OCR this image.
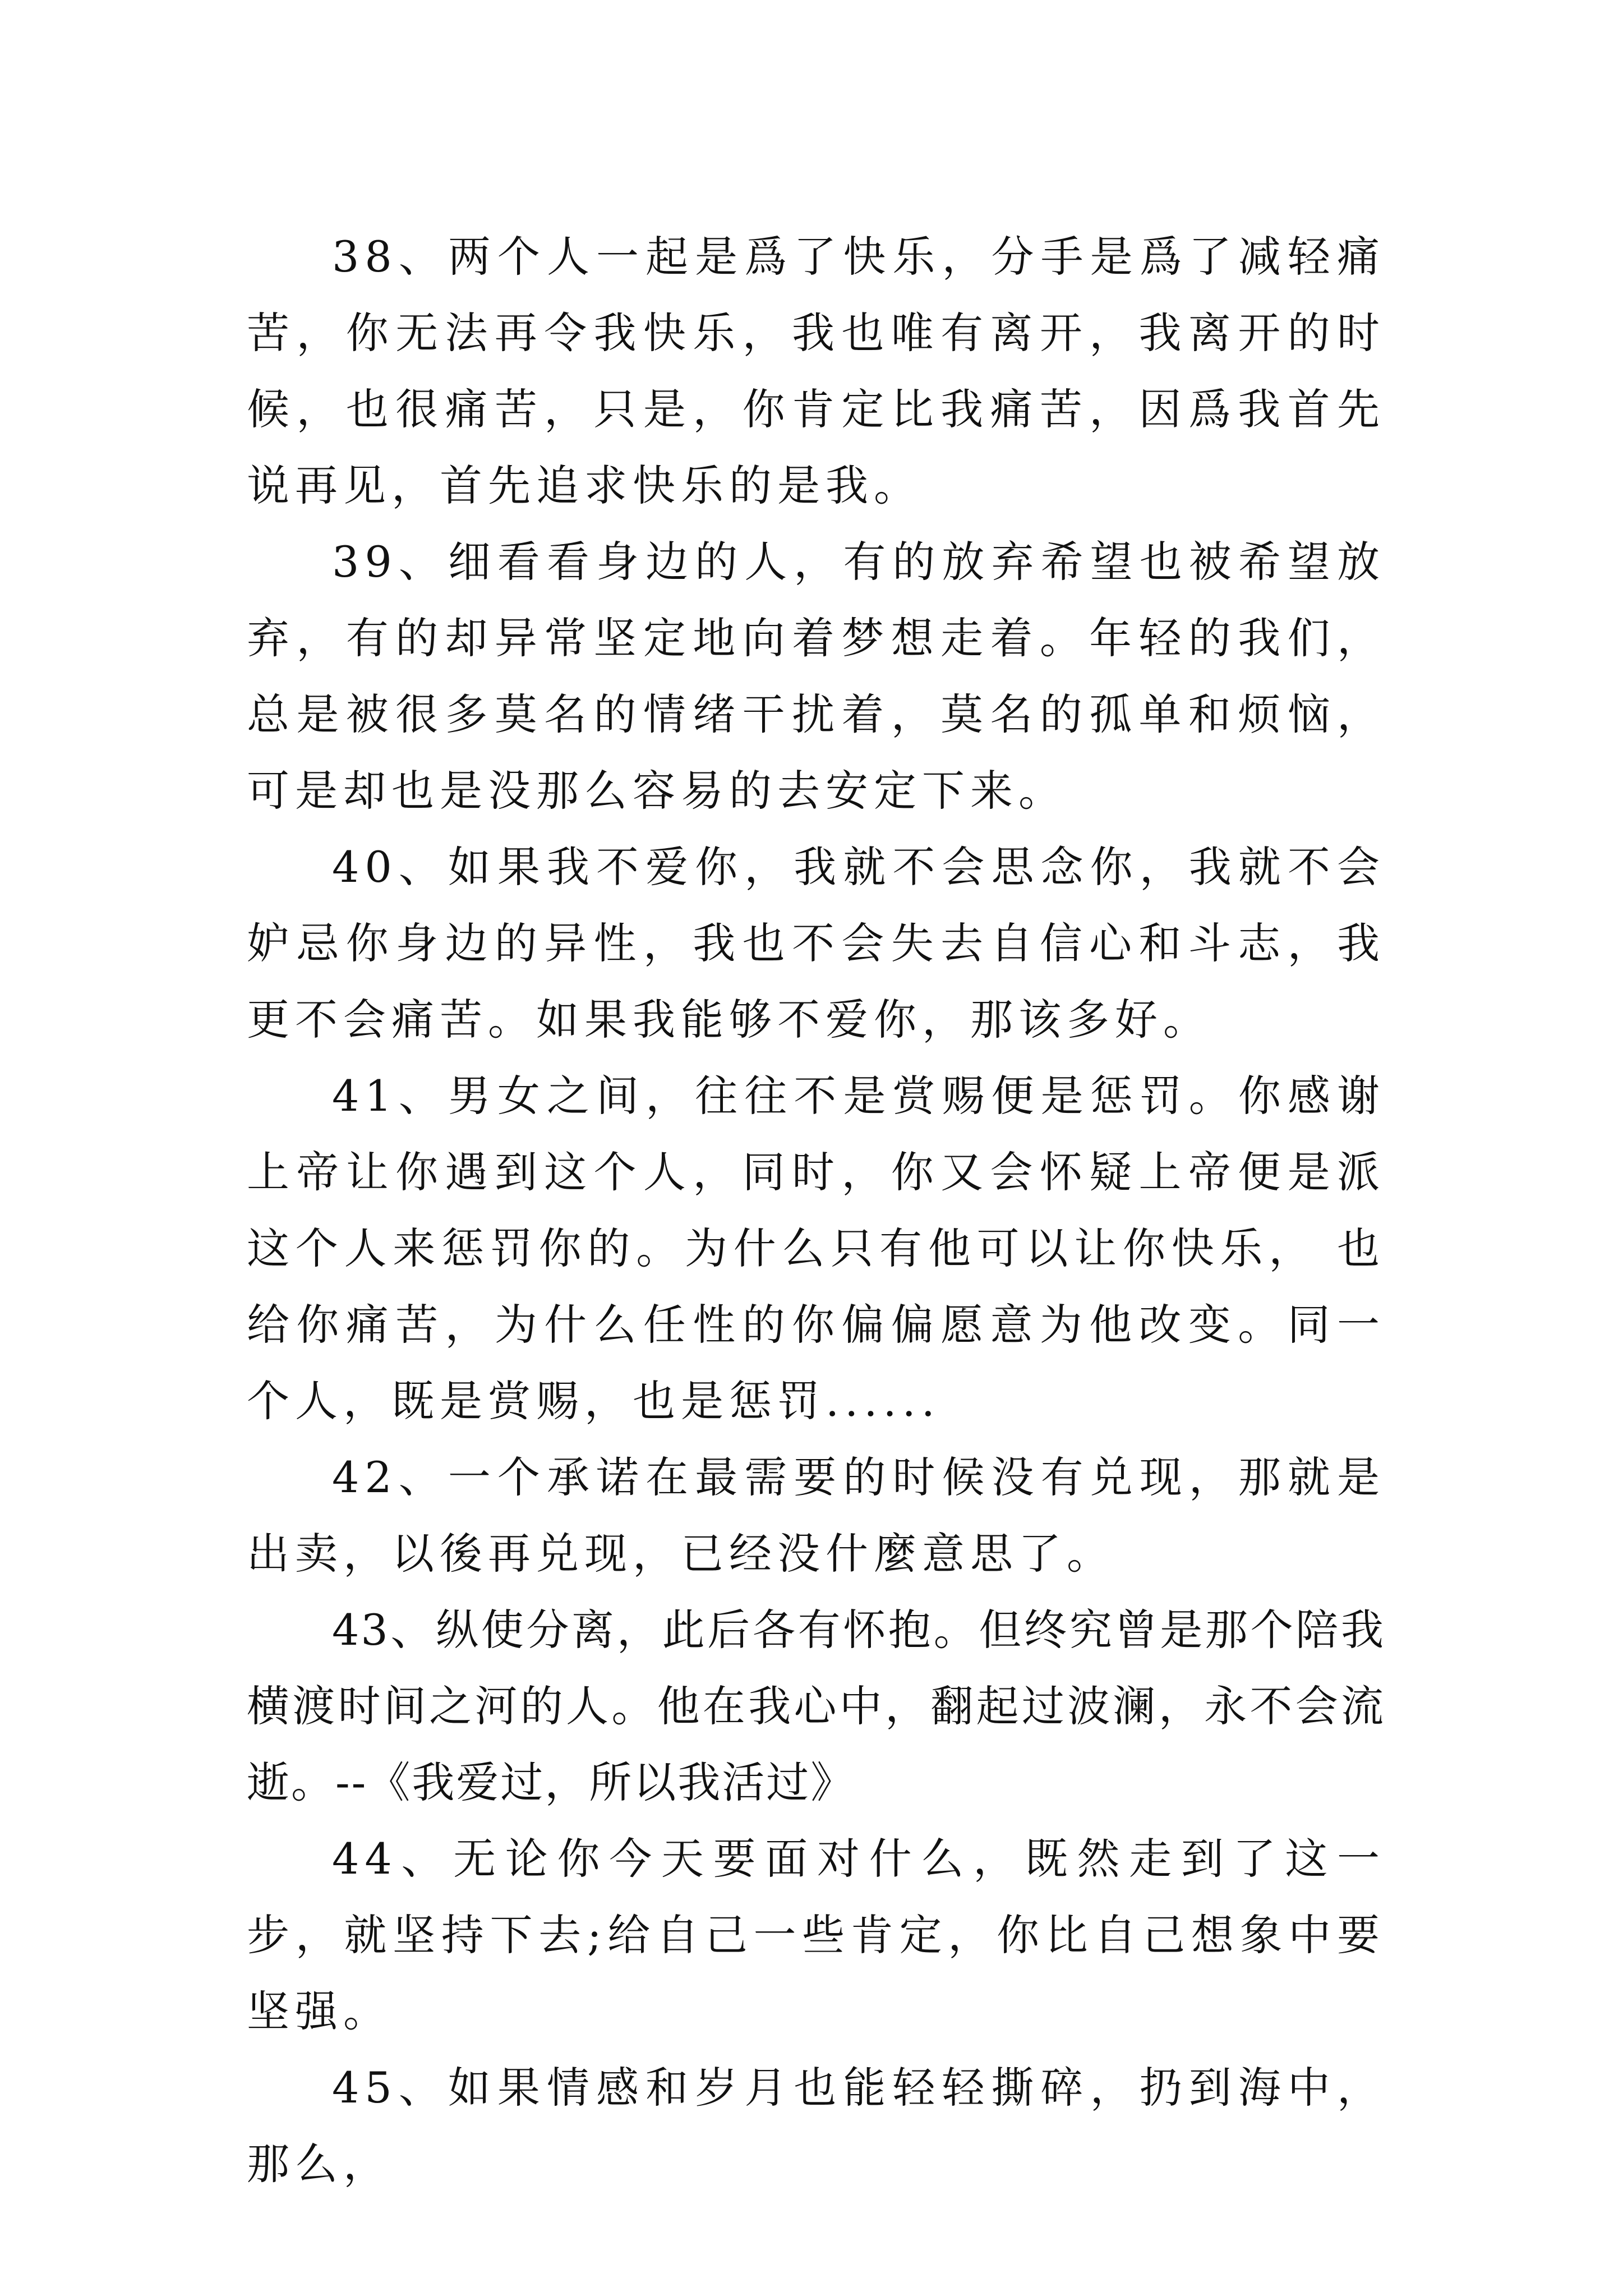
38、两个人一起是爲了快乐，分手是爲了减轻痛苦，你无法再令我快乐，我也唯有离开，我离开的时候，也很痛苦，只是，你肯定比我痛苦，因爲我首先说再见，首先追求快乐的是我。

39、细看看身边的人，有的放弃希望也被希望放弃，有的却异常坚定地向着梦想走着。年轻的我们，总是被很多莫名的情绪干扰着，莫名的孤单和烦恼，可是却也是没那么容易的去安定下来。

40、如果我不爱你，我就不会思念你，我就不会妒忌你身边的异性，我也不会失去自信心和斗志，我更不会痛苦。如果我能够不爱你，那该多好。

41、男女之间，往往不是赏赐便是惩罚。你感谢上帝让你遇到这个人，同时，你又会怀疑上帝便是派这个人来惩罚你的。为什么只有他可以让你快乐， 也给你痛苦，为什么任性的你偏偏愿意为他改变。同一个人，既是赏赐，也是惩罚......

42、一个承诺在最需要的时候没有兑现，那就是出卖，以後再兑现，已经没什麼意思了。

43、纵使分离，此后各有怀抱。但终究曾是那个陪我横渡时间之河的人。他在我心中，翻起过波澜，永不会流逝。--《我爱过，所以我活过》

44、无论你今天要面对什么，既然走到了这一步，就坚持下去;给自己一些肯定，你比自己想象中要坚强。

45、如果情感和岁月也能轻轻撕碎，扔到海中，那么，
